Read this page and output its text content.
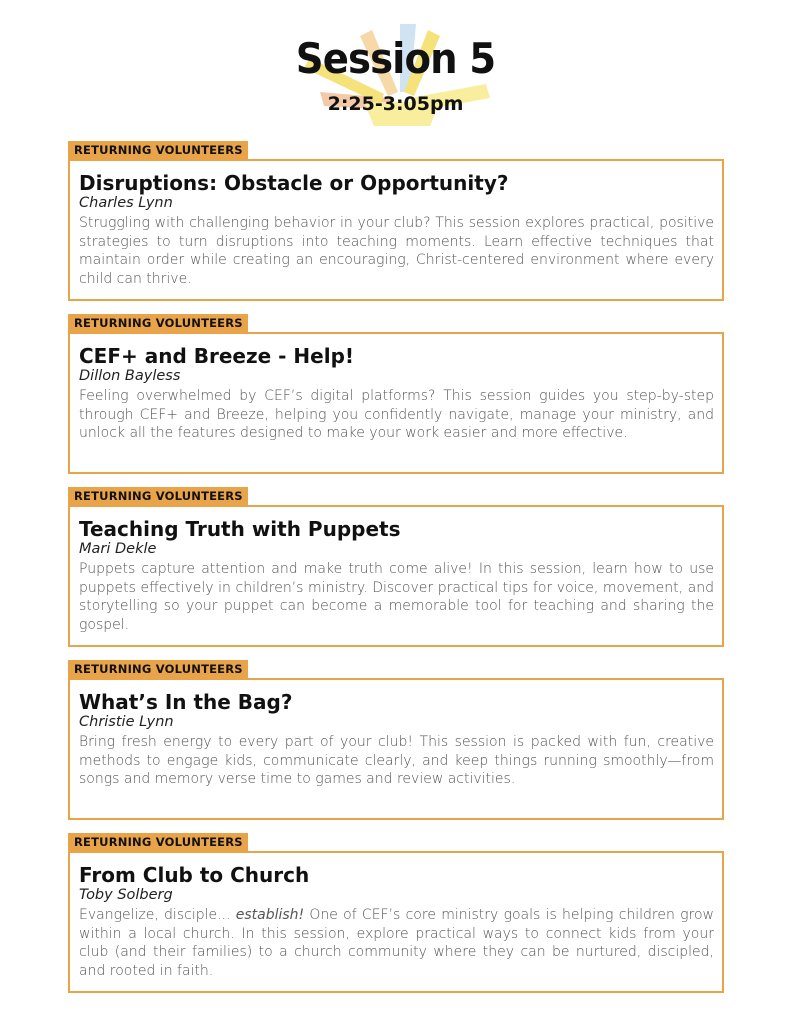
Session 5
2:25-3:05pm
RETURNING VOLUNTEERS
Disruptions: Obstacle or Opportunity?
Charles Lynn
Struggling with challenging behavior in your club? This session explores practical, positive strategies to turn disruptions into teaching moments. Learn effective techniques that maintain order while creating an encouraging, Christ-centered environment where every child can thrive.
RETURNING VOLUNTEERS
CEF+ and Breeze - Help!
Dillon Bayless
Feeling overwhelmed by CEF’s digital platforms? This session guides you step-by-step through CEF+ and Breeze, helping you confidently navigate, manage your ministry, and unlock all the features designed to make your work easier and more effective.
RETURNING VOLUNTEERS
Teaching Truth with Puppets
Mari Dekle
Puppets capture attention and make truth come alive! In this session, learn how to use puppets effectively in children’s ministry. Discover practical tips for voice, movement, and storytelling so your puppet can become a memorable tool for teaching and sharing the gospel.
RETURNING VOLUNTEERS
What’s In the Bag?
Christie Lynn
Bring fresh energy to every part of your club! This session is packed with fun, creative methods to engage kids, communicate clearly, and keep things running smoothly—from songs and memory verse time to games and review activities.
RETURNING VOLUNTEERS
From Club to Church
Toby Solberg
Evangelize, disciple... establish! One of CEF’s core ministry goals is helping children grow within a local church. In this session, explore practical ways to connect kids from your club (and their families) to a church community where they can be nurtured, discipled, and rooted in faith.
